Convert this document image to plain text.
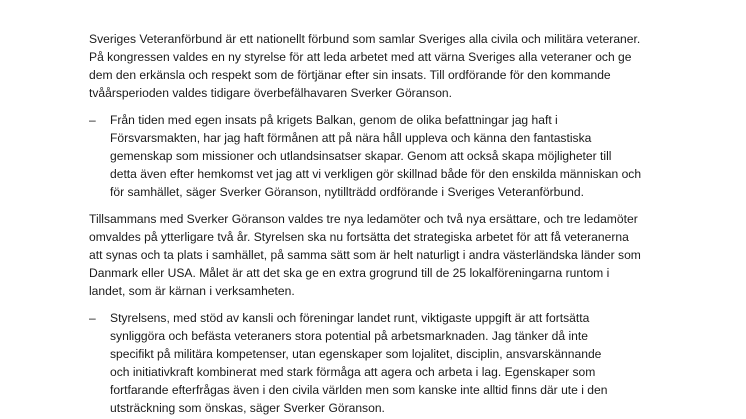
Sveriges Veteranförbund är ett nationellt förbund som samlar Sveriges alla civila och militära veteraner.
På kongressen valdes en ny styrelse för att leda arbetet med att värna Sveriges alla veteraner och ge
dem den erkänsla och respekt som de förtjänar efter sin insats. Till ordförande för den kommande
tvåårsperioden valdes tidigare överbefälhavaren Sverker Göranson.

–	Från tiden med egen insats på krigets Balkan, genom de olika befattningar jag haft i
Försvarsmakten, har jag haft förmånen att på nära håll uppleva och känna den fantastiska
gemenskap som missioner och utlandsinsatser skapar. Genom att också skapa möjligheter till
detta även efter hemkomst vet jag att vi verkligen gör skillnad både för den enskilda människan och
för samhället, säger Sverker Göranson, nytillträdd ordförande i Sveriges Veteranförbund.

Tillsammans med Sverker Göranson valdes tre nya ledamöter och två nya ersättare, och tre ledamöter
omvaldes på ytterligare två år. Styrelsen ska nu fortsätta det strategiska arbetet för att få veteranerna
att synas och ta plats i samhället, på samma sätt som är helt naturligt i andra västerländska länder som
Danmark eller USA. Målet är att det ska ge en extra grogrund till de 25 lokalföreningarna runtom i
landet, som är kärnan i verksamheten.

–	Styrelsens, med stöd av kansli och föreningar landet runt, viktigaste uppgift är att fortsätta
synliggöra och befästa veteraners stora potential på arbetsmarknaden. Jag tänker då inte
specifikt på militära kompetenser, utan egenskaper som lojalitet, disciplin, ansvarskännande
och initiativkraft kombinerat med stark förmåga att agera och arbeta i lag. Egenskaper som
fortfarande efterfrågas även i den civila världen men som kanske inte alltid finns där ute i den
utsträckning som önskas, säger Sverker Göranson.
